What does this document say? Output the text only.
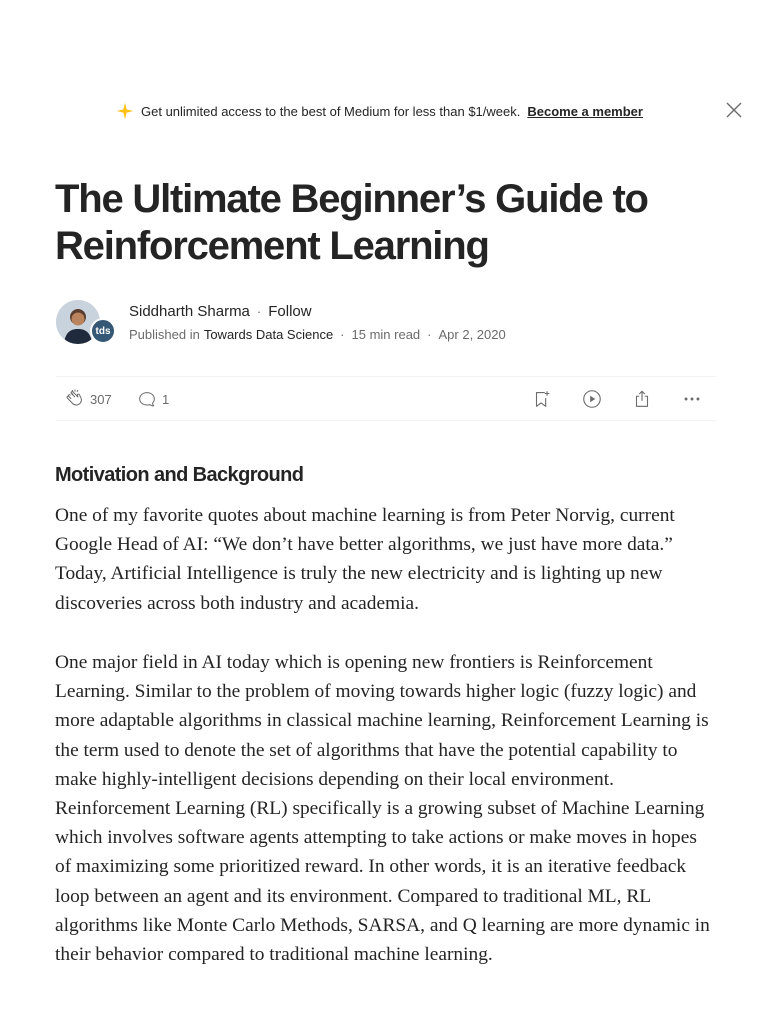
Get unlimited access to the best of Medium for less than $1/week. Become a member
The Ultimate Beginner’s Guide to Reinforcement Learning
tds
Siddharth Sharma · Follow
Published in Towards Data Science · 15 min read · Apr 2, 2020
307	1
Motivation and Background

One of my favorite quotes about machine learning is from Peter Norvig, current Google Head of AI: “We don’t have better algorithms, we just have more data.” Today, Artificial Intelligence is truly the new electricity and is lighting up new discoveries across both industry and academia.

One major field in AI today which is opening new frontiers is Reinforcement Learning. Similar to the problem of moving towards higher logic (fuzzy logic) and more adaptable algorithms in classical machine learning, Reinforcement Learning is the term used to denote the set of algorithms that have the potential capability to make highly-intelligent decisions depending on their local environment. Reinforcement Learning (RL) specifically is a growing subset of Machine Learning which involves software agents attempting to take actions or make moves in hopes of maximizing some prioritized reward. In other words, it is an iterative feedback loop between an agent and its environment. Compared to traditional ML, RL algorithms like Monte Carlo Methods, SARSA, and Q learning are more dynamic in their behavior compared to traditional machine learning.
